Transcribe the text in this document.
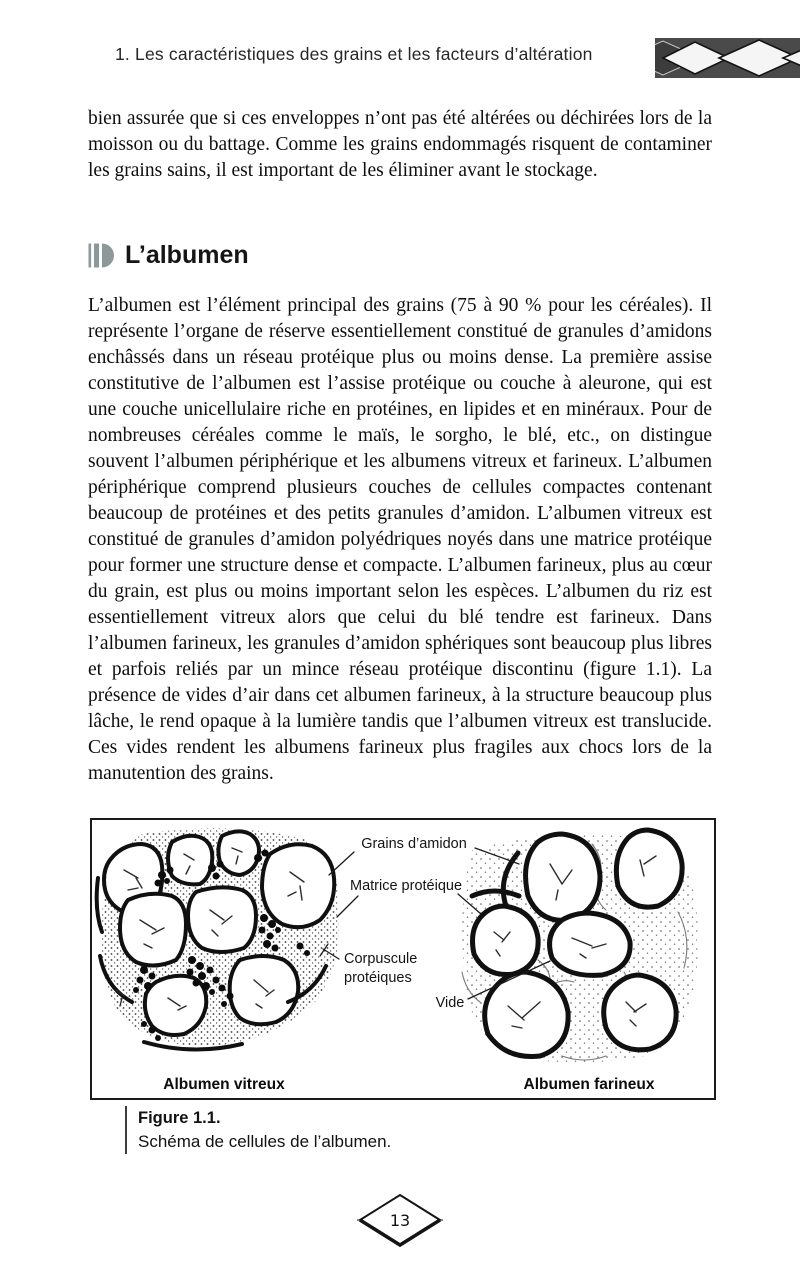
1. Les caractéristiques des grains et les facteurs d’altération

bien assurée que si ces enveloppes n’ont pas été altérées ou déchirées lors de la moisson ou du battage. Comme les grains endommagés risquent de contaminer les grains sains, il est important de les éliminer avant le stockage.

L’albumen

L’albumen est l’élément principal des grains (75 à 90 % pour les céréales). Il représente l’organe de réserve essentiellement constitué de granules d’amidons enchâssés dans un réseau protéique plus ou moins dense. La première assise constitutive de l’albumen est l’assise protéique ou couche à aleurone, qui est une couche unicellulaire riche en protéines, en lipides et en minéraux. Pour de nombreuses céréales comme le maïs, le sorgho, le blé, etc., on distingue souvent l’albumen périphérique et les albumens vitreux et farineux. L’albumen périphérique comprend plusieurs couches de cellules compactes contenant beaucoup de protéines et des petits granules d’amidon. L’albumen vitreux est constitué de granules d’amidon polyédriques noyés dans une matrice protéique pour former une structure dense et compacte. L’albumen farineux, plus au cœur du grain, est plus ou moins important selon les espèces. L’albumen du riz est essentiellement vitreux alors que celui du blé tendre est farineux. Dans l’albumen farineux, les granules d’amidon sphériques sont beaucoup plus libres et parfois reliés par un mince réseau protéique discontinu (figure 1.1). La présence de vides d’air dans cet albumen farineux, à la structure beaucoup plus lâche, le rend opaque à la lumière tandis que l’albumen vitreux est translucide. Ces vides rendent les albumens farineux plus fragiles aux chocs lors de la manutention des grains.

Grains d’amidon
Matrice protéique
Corpuscule
protéiques
Vide
Albumen vitreux	Albumen farineux
Figure 1.1.
Schéma de cellules de l’albumen.
13
